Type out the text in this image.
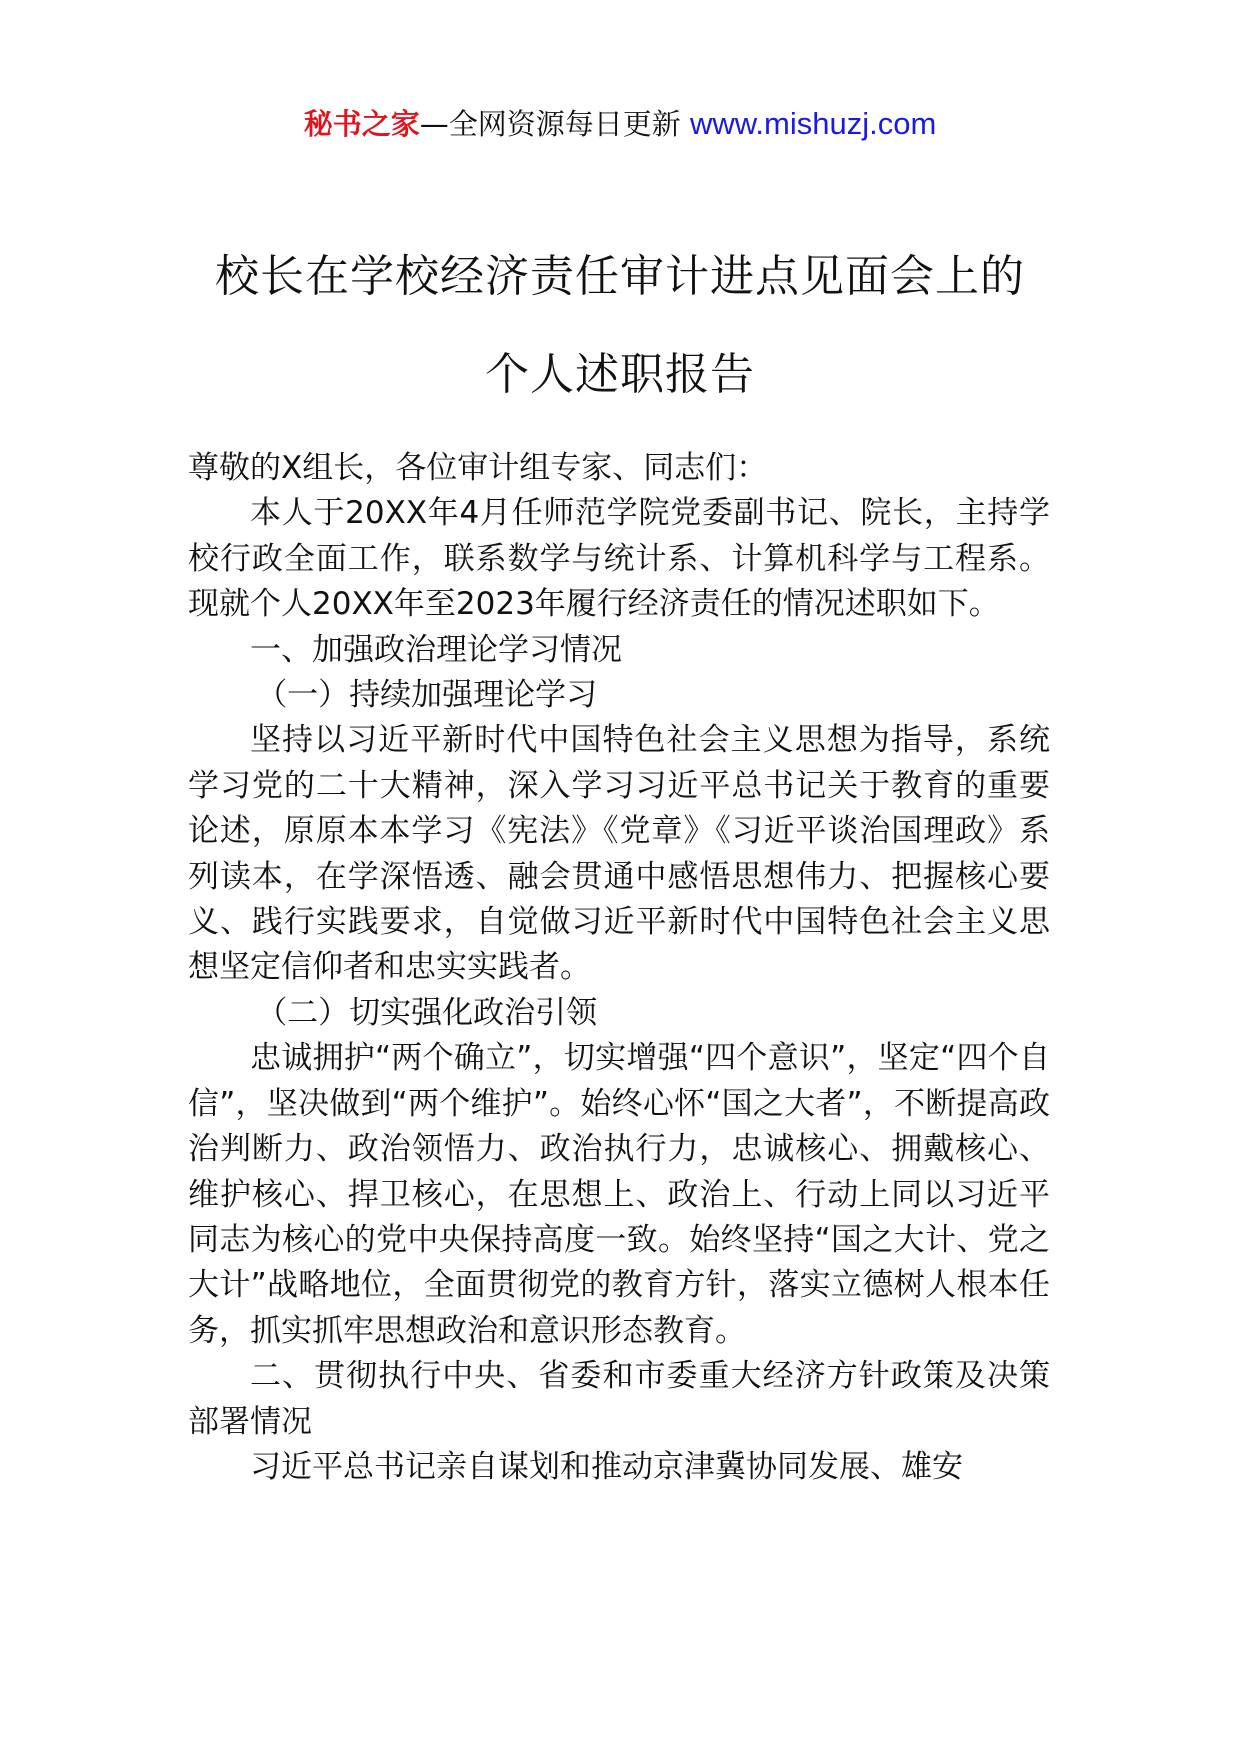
秘书之家—全网资源每日更新 www.mishuzj.com
校长在学校经济责任审计进点见面会上的
个人述职报告

尊敬的X组长，各位审计组专家、同志们：

本人于20XX年4月任师范学院党委副书记、院长，主持学校行政全面工作，联系数学与统计系、计算机科学与工程系。现就个人20XX年至2023年履行经济责任的情况述职如下。

一、加强政治理论学习情况

（一）持续加强理论学习

坚持以习近平新时代中国特色社会主义思想为指导，系统学习党的二十大精神，深入学习习近平总书记关于教育的重要论述，原原本本学习《宪法》《党章》《习近平谈治国理政》系列读本，在学深悟透、融会贯通中感悟思想伟力、把握核心要义、践行实践要求，自觉做习近平新时代中国特色社会主义思想坚定信仰者和忠实实践者。

（二）切实强化政治引领

忠诚拥护“两个确立”，切实增强“四个意识”，坚定“四个自信”，坚决做到“两个维护”。始终心怀“国之大者”，不断提高政治判断力、政治领悟力、政治执行力，忠诚核心、拥戴核心、维护核心、捍卫核心，在思想上、政治上、行动上同以习近平同志为核心的党中央保持高度一致。始终坚持“国之大计、党之大计”战略地位，全面贯彻党的教育方针，落实立德树人根本任务，抓实抓牢思想政治和意识形态教育。

二、贯彻执行中央、省委和市委重大经济方针政策及决策部署情况

习近平总书记亲自谋划和推动京津冀协同发展、雄安
